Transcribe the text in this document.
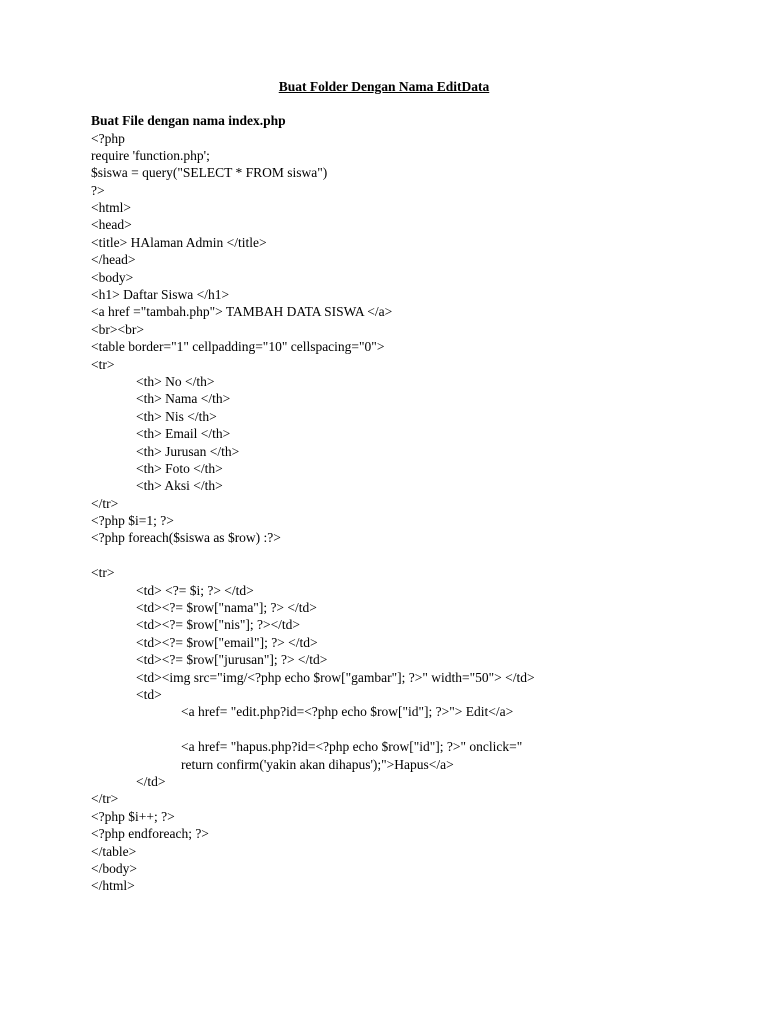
Buat Folder Dengan Nama EditData
Buat File dengan nama index.php
<?php
require 'function.php';
$siswa = query("SELECT * FROM siswa")
?>
<html>
<head>
<title> HAlaman Admin </title>
</head>
<body>
<h1> Daftar Siswa </h1>
<a href ="tambah.php"> TAMBAH DATA SISWA </a>
<br><br>
<table border="1" cellpadding="10" cellspacing="0">
<tr>
<th> No </th>
<th> Nama </th>
<th> Nis </th>
<th> Email </th>
<th> Jurusan </th>
<th> Foto </th>
<th> Aksi </th>
</tr>
<?php $i=1; ?>
<?php foreach($siswa as $row) :?>
<tr>
<td> <?= $i; ?> </td>
<td><?= $row["nama"]; ?> </td>
<td><?= $row["nis"]; ?></td>
<td><?= $row["email"]; ?> </td>
<td><?= $row["jurusan"]; ?> </td>
<td><img src="img/<?php echo $row["gambar"]; ?>" width="50"> </td>
<td>
<a href= "edit.php?id=<?php echo $row["id"]; ?>"> Edit</a>
<a href= "hapus.php?id=<?php echo $row["id"]; ?>" onclick="
return confirm('yakin akan dihapus');">Hapus</a>
</td>
</tr>
<?php $i++; ?>
<?php endforeach; ?>
</table>
</body>
</html>
